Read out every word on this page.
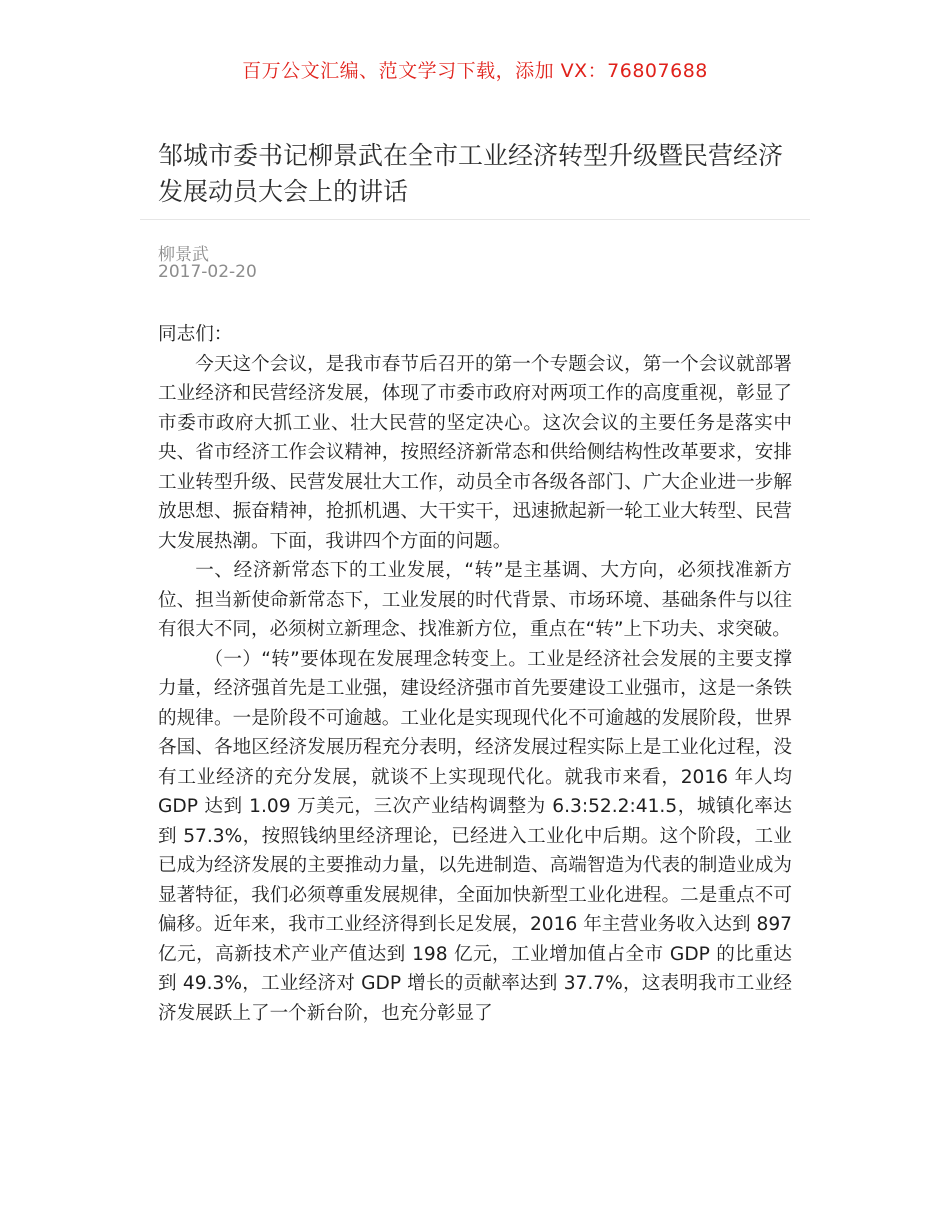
百万公文汇编、范文学习下载，添加 VX：76807688
邹城市委书记柳景武在全市工业经济转型升级暨民营经济发展动员大会上的讲话
柳景武
2017-02-20

同志们：

今天这个会议，是我市春节后召开的第一个专题会议，第一个会议就部署工业经济和民营经济发展，体现了市委市政府对两项工作的高度重视，彰显了市委市政府大抓工业、壮大民营的坚定决心。这次会议的主要任务是落实中央、省市经济工作会议精神，按照经济新常态和供给侧结构性改革要求，安排工业转型升级、民营发展壮大工作，动员全市各级各部门、广大企业进一步解放思想、振奋精神，抢抓机遇、大干实干，迅速掀起新一轮工业大转型、民营大发展热潮。下面，我讲四个方面的问题。

一、经济新常态下的工业发展，“转”是主基调、大方向，必须找准新方位、担当新使命新常态下，工业发展的时代背景、市场环境、基础条件与以往有很大不同，必须树立新理念、找准新方位，重点在“转”上下功夫、求突破。

（一）“转”要体现在发展理念转变上。工业是经济社会发展的主要支撑力量，经济强首先是工业强，建设经济强市首先要建设工业强市，这是一条铁的规律。一是阶段不可逾越。工业化是实现现代化不可逾越的发展阶段，世界各国、各地区经济发展历程充分表明，经济发展过程实际上是工业化过程，没有工业经济的充分发展，就谈不上实现现代化。就我市来看，2016 年人均 GDP 达到 1.09 万美元，三次产业结构调整为 6.3:52.2:41.5，城镇化率达到 57.3%，按照钱纳里经济理论，已经进入工业化中后期。这个阶段，工业已成为经济发展的主要推动力量，以先进制造、高端智造为代表的制造业成为显著特征，我们必须尊重发展规律，全面加快新型工业化进程。二是重点不可偏移。近年来，我市工业经济得到长足发展，2016 年主营业务收入达到 897 亿元，高新技术产业产值达到 198 亿元，工业增加值占全市 GDP 的比重达到 49.3%，工业经济对 GDP 增长的贡献率达到 37.7%，这表明我市工业经济发展跃上了一个新台阶，也充分彰显了
